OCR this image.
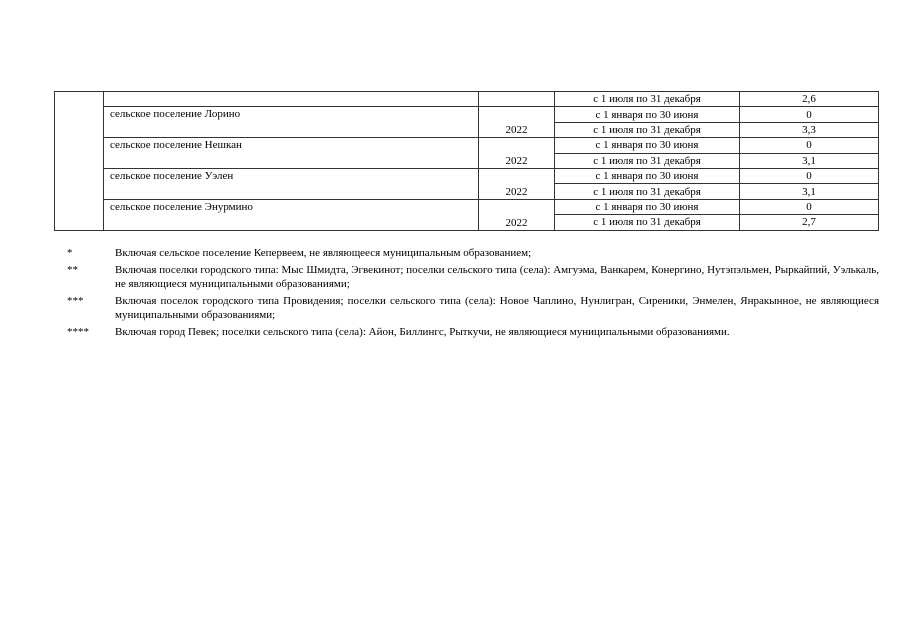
			с 1 июля по 31 декабря	2,6
	сельское поселение Лорино	2022	с 1 января по 30 июня	0
			с 1 июля по 31 декабря	3,3
	сельское поселение Нешкан	2022	с 1 января по 30 июня	0
			с 1 июля по 31 декабря	3,1
	сельское поселение Уэлен	2022	с 1 января по 30 июня	0
			с 1 июля по 31 декабря	3,1
	сельское поселение Энурмино	2022	с 1 января по 30 июня	0
			с 1 июля по 31 декабря	2,7
*	Включая сельское поселение Кепервеем, не являющееся муниципальным образованием;
**	Включая поселки городского типа: Мыс Шмидта, Эгвекинот; поселки сельского типа (села): Амгуэма, Ванкарем, Конергино, Нутэпэльмен, Рыркайпий, Уэлькаль, не являющиеся муниципальными образованиями;
***	Включая поселок городского типа Провидения; поселки сельского типа (села): Новое Чаплино, Нунлигран, Сиреники, Энмелен, Янракынное, не являющиеся муниципальными образованиями;
****	Включая город Певек; поселки сельского типа (села): Айон, Биллингс, Рыткучи, не являющиеся муниципальными образованиями.
